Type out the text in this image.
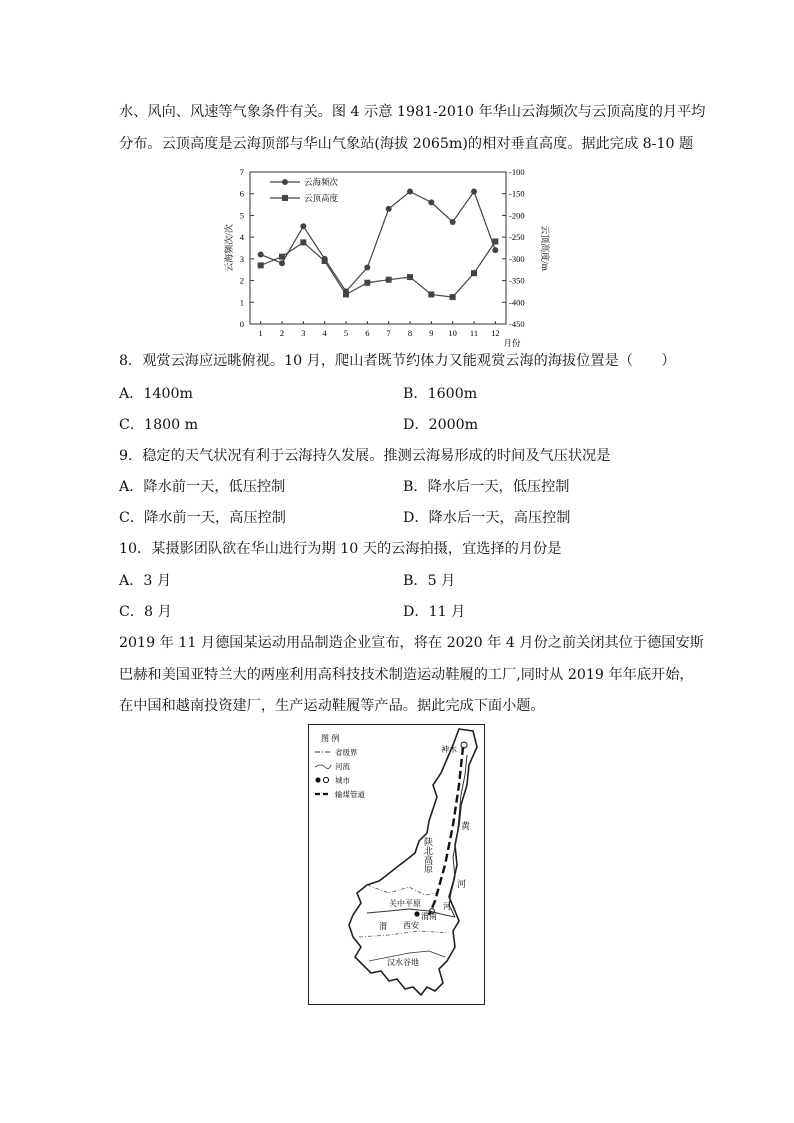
水、风向、风速等气象条件有关。图 4 示意 1981-2010 年华山云海频次与云顶高度的月平均
分布。云顶高度是云海顶部与华山气象站(海拔 2065m)的相对垂直高度。据此完成 8-10 题
0
1
2
3
4
5
6
7	-100
-150
-200
-250
-300
-350
-400
-450
1 2 3 4 5 6 7 8 9 10 11 12
月份
云海频次/次	云顶高度/m
云海频次
云顶高度
8．观赏云海应远眺俯视。10 月，爬山者既节约体力又能观赏云海的海拔位置是（　　）
A．1400m	B．1600m
C．1800 m	D．2000m
9．稳定的天气状况有利于云海持久发展。推测云海易形成的时间及气压状况是
A．降水前一天，低压控制	B．降水后一天，低压控制
C．降水前一天，高压控制	D．降水后一天，高压控制
10．某摄影团队欲在华山进行为期 10 天的云海拍摄，宜选择的月份是
A．3 月	B．5 月
C．8 月	D．11 月
2019 年 11 月德国某运动用品制造企业宣布，将在 2020 年 4 月份之前关闭其位于德国安斯
巴赫和美国亚特兰大的两座利用高科技技术制造运动鞋履的工厂,同时从 2019 年年底开始，
在中国和越南投资建厂，生产运动鞋履等产品。据此完成下面小题。
图 例
省级界
河流
城市
输煤管道
神木
陕北高原
黄
河
关中平原	河
渭
渭南
西安
汉水谷地
